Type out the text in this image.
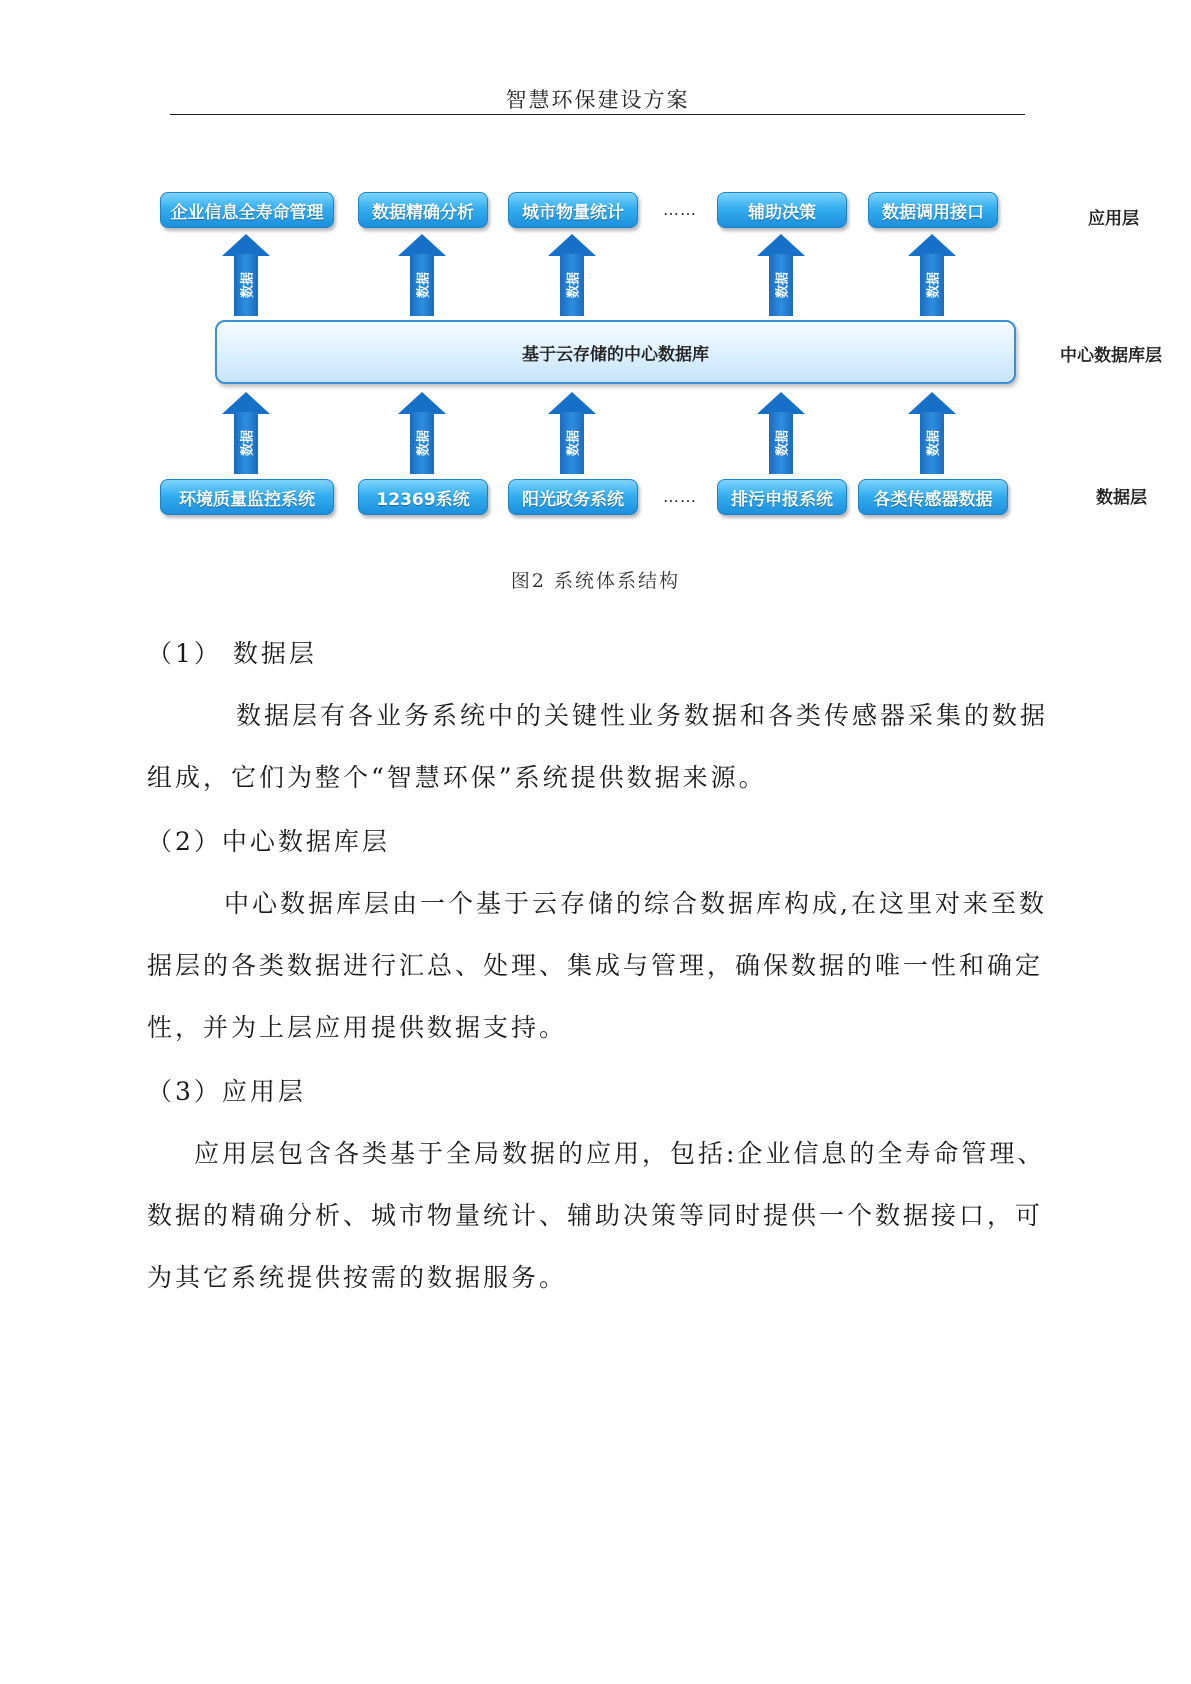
智慧环保建设方案
企业信息全寿命管理	数据精确分析	城市物量统计	……	辅助决策	数据调用接口
数据	数据	数据	数据	数据
基于云存储的中心数据库
数据	数据	数据	数据	数据
环境质量监控系统	12369系统	阳光政务系统	……	排污申报系统	各类传感器数据
应用层
中心数据库层
数据层
图2 系统体系结构
（1） 数据层
数据层有各业务系统中的关键性业务数据和各类传感器采集的数据
组成，它们为整个“智慧环保”系统提供数据来源。
（2）中心数据库层
中心数据库层由一个基于云存储的综合数据库构成,在这里对来至数
据层的各类数据进行汇总、处理、集成与管理，确保数据的唯一性和确定
性，并为上层应用提供数据支持。
（3）应用层
应用层包含各类基于全局数据的应用，包括:企业信息的全寿命管理、
数据的精确分析、城市物量统计、辅助决策等同时提供一个数据接口，可
为其它系统提供按需的数据服务。
